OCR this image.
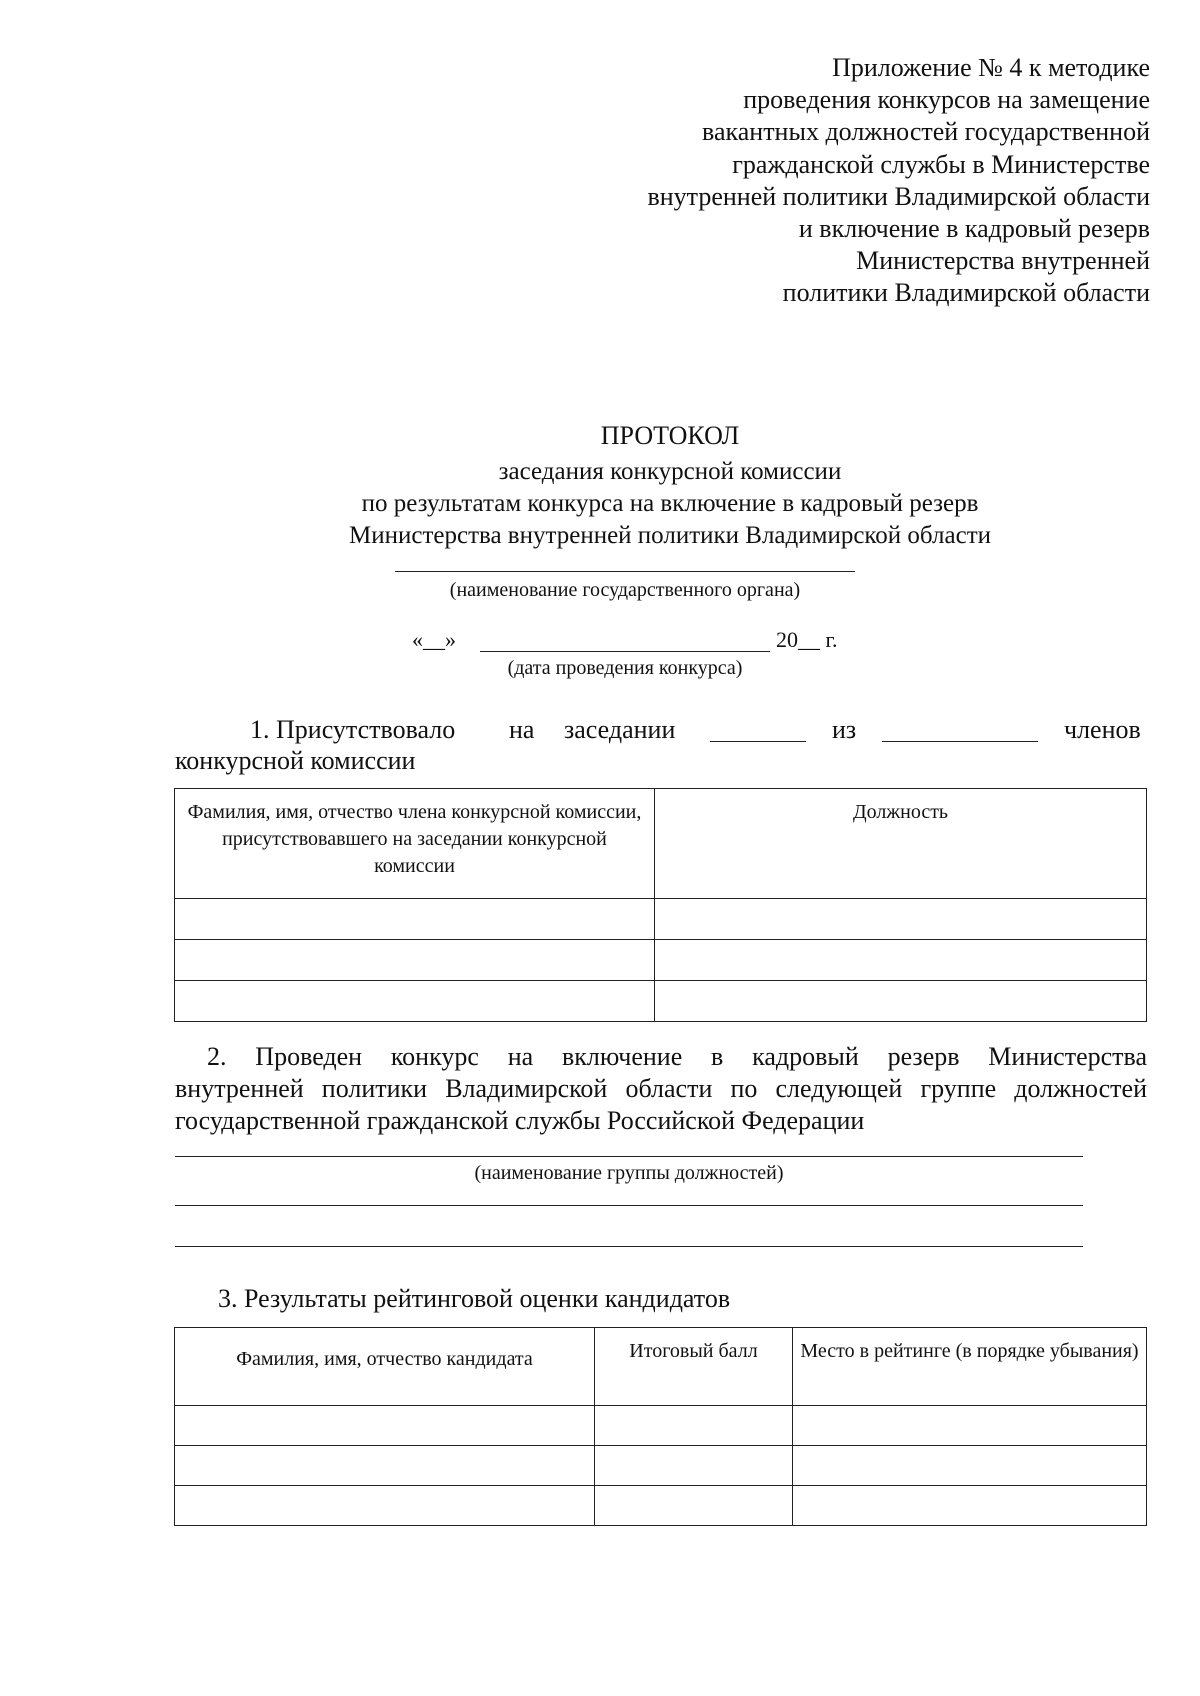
Приложение № 4 к методике
проведения конкурсов на замещение
вакантных должностей государственной
гражданской службы в Министерстве
внутренней политики Владимирской области
и включение в кадровый резерв
Министерства внутренней
политики Владимирской области
ПРОТОКОЛ
заседания конкурсной комиссии
по результатам конкурса на включение в кадровый резерв
Министерства внутренней политики Владимирской области
(наименование государственного органа)
«__»	20__ г.
(дата проведения конкурса)
1. Присутствовало на заседании	из	членов
конкурсной комиссии
Фамилия, имя, отчество члена конкурсной комиссии, присутствовавшего на заседании конкурсной комиссии	Должность

2. Проведен конкурс на включение в кадровый резерв Министерства
внутренней политики Владимирской области по следующей группе должностей
государственной гражданской службы Российской Федерации
(наименование группы должностей)
3. Результаты рейтинговой оценки кандидатов
Фамилия, имя, отчество кандидата	Итоговый балл	Место в рейтинге (в порядке убывания)
